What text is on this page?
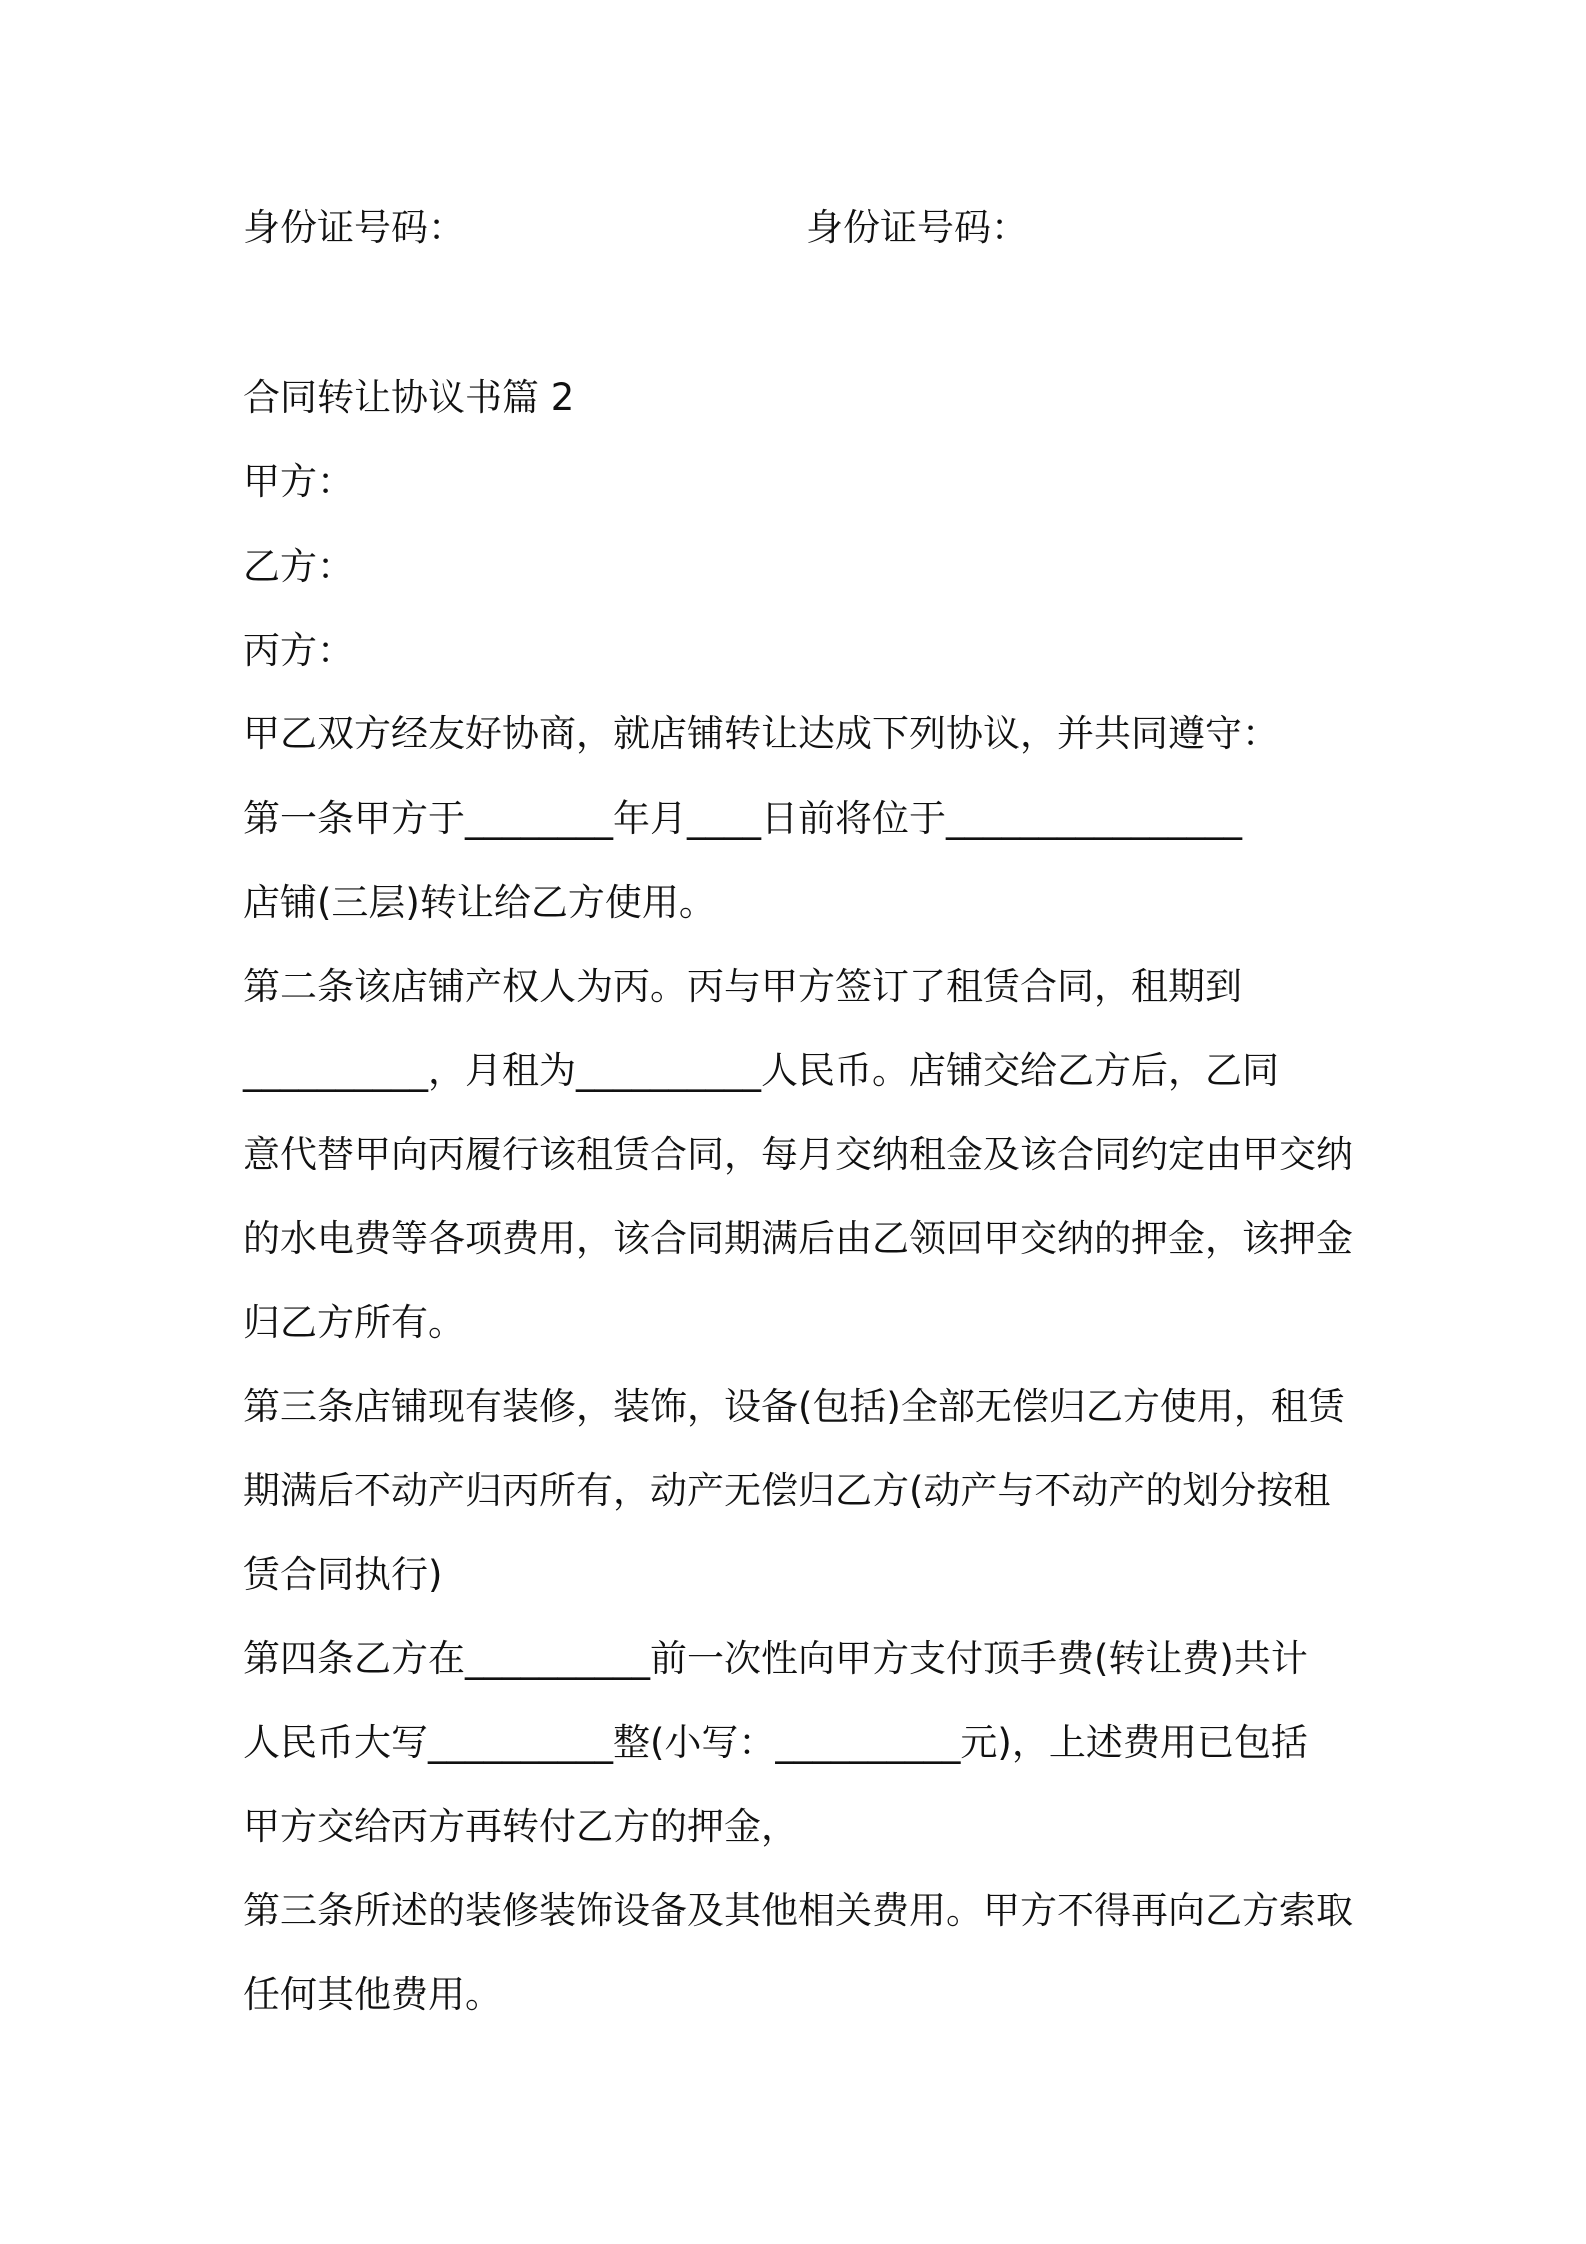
身份证号码：	身份证号码：
合同转让协议书篇 2
甲方：
乙方：
丙方：
甲乙双方经友好协商，就店铺转让达成下列协议，并共同遵守：
第一条甲方于________年月____日前将位于________________
店铺(三层)转让给乙方使用。
第二条该店铺产权人为丙。丙与甲方签订了租赁合同，租期到
__________，月租为__________人民币。店铺交给乙方后，乙同
意代替甲向丙履行该租赁合同，每月交纳租金及该合同约定由甲交纳
的水电费等各项费用，该合同期满后由乙领回甲交纳的押金，该押金
归乙方所有。
第三条店铺现有装修，装饰，设备(包括)全部无偿归乙方使用，租赁
期满后不动产归丙所有，动产无偿归乙方(动产与不动产的划分按租
赁合同执行)
第四条乙方在__________前一次性向甲方支付顶手费(转让费)共计
人民币大写__________整(小写：__________元)，上述费用已包括
甲方交给丙方再转付乙方的押金，
第三条所述的装修装饰设备及其他相关费用。甲方不得再向乙方索取
任何其他费用。
